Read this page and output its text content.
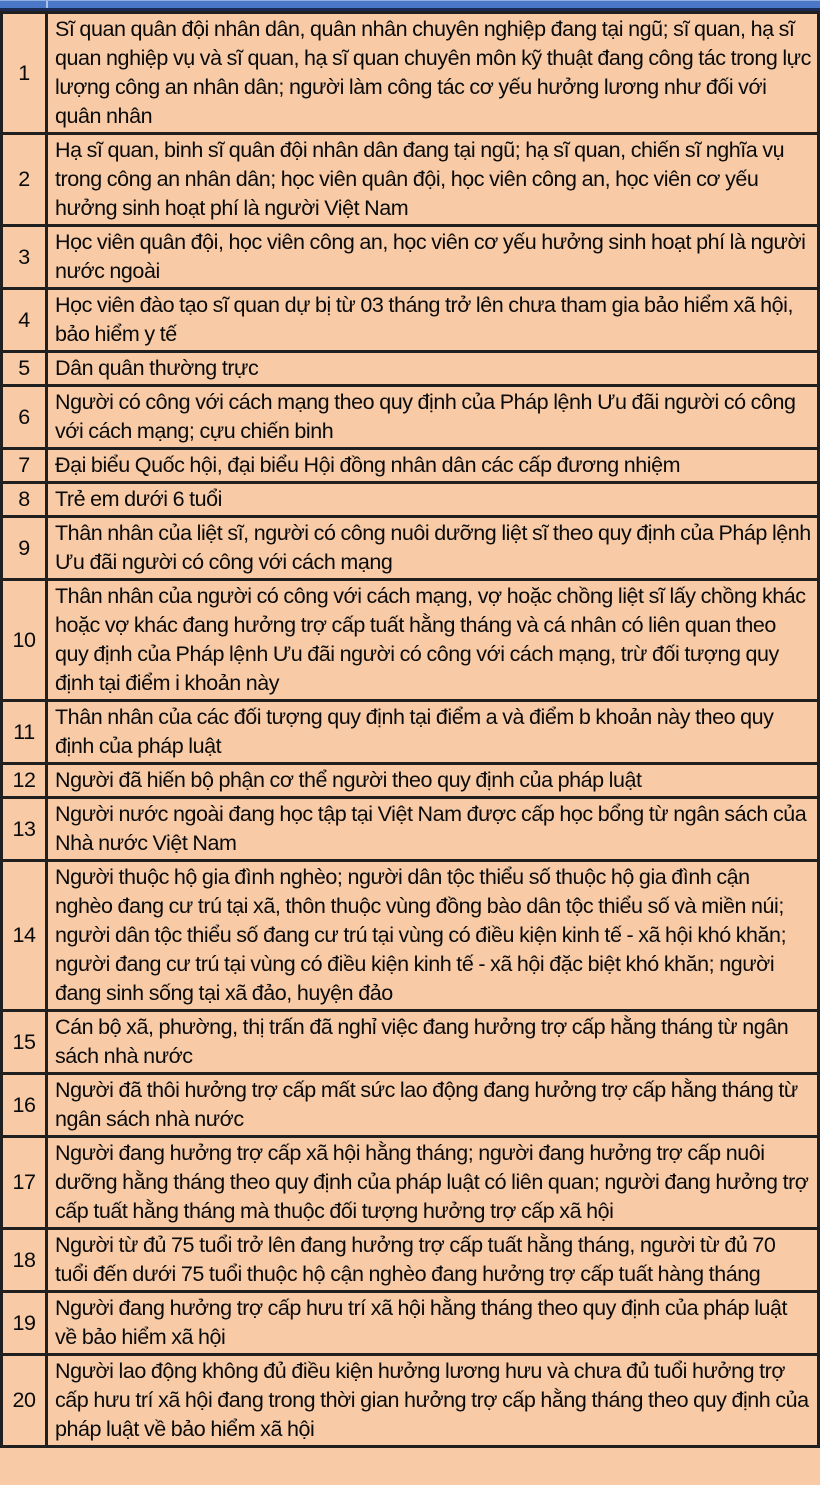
1	Sĩ quan quân đội nhân dân, quân nhân chuyên nghiệp đang tại ngũ; sĩ quan, hạ sĩ quan nghiệp vụ và sĩ quan, hạ sĩ quan chuyên môn kỹ thuật đang công tác trong lực lượng công an nhân dân; người làm công tác cơ yếu hưởng lương như đối với quân nhân
2	Hạ sĩ quan, binh sĩ quân đội nhân dân đang tại ngũ; hạ sĩ quan, chiến sĩ nghĩa vụ trong công an nhân dân; học viên quân đội, học viên công an, học viên cơ yếu hưởng sinh hoạt phí là người Việt Nam
3	Học viên quân đội, học viên công an, học viên cơ yếu hưởng sinh hoạt phí là người nước ngoài
4	Học viên đào tạo sĩ quan dự bị từ 03 tháng trở lên chưa tham gia bảo hiểm xã hội, bảo hiểm y tế
5	Dân quân thường trực
6	Người có công với cách mạng theo quy định của Pháp lệnh Ưu đãi người có công với cách mạng; cựu chiến binh
7	Đại biểu Quốc hội, đại biểu Hội đồng nhân dân các cấp đương nhiệm
8	Trẻ em dưới 6 tuổi
9	Thân nhân của liệt sĩ, người có công nuôi dưỡng liệt sĩ theo quy định của Pháp lệnh Ưu đãi người có công với cách mạng
10	Thân nhân của người có công với cách mạng, vợ hoặc chồng liệt sĩ lấy chồng khác hoặc vợ khác đang hưởng trợ cấp tuất hằng tháng và cá nhân có liên quan theo quy định của Pháp lệnh Ưu đãi người có công với cách mạng, trừ đối tượng quy định tại điểm i khoản này
11	Thân nhân của các đối tượng quy định tại điểm a và điểm b khoản này theo quy định của pháp luật
12	Người đã hiến bộ phận cơ thể người theo quy định của pháp luật
13	Người nước ngoài đang học tập tại Việt Nam được cấp học bổng từ ngân sách của Nhà nước Việt Nam
14	Người thuộc hộ gia đình nghèo; người dân tộc thiểu số thuộc hộ gia đình cận nghèo đang cư trú tại xã, thôn thuộc vùng đồng bào dân tộc thiểu số và miền núi; người dân tộc thiểu số đang cư trú tại vùng có điều kiện kinh tế - xã hội khó khăn; người đang cư trú tại vùng có điều kiện kinh tế - xã hội đặc biệt khó khăn; người đang sinh sống tại xã đảo, huyện đảo
15	Cán bộ xã, phường, thị trấn đã nghỉ việc đang hưởng trợ cấp hằng tháng từ ngân sách nhà nước
16	Người đã thôi hưởng trợ cấp mất sức lao động đang hưởng trợ cấp hằng tháng từ ngân sách nhà nước
17	Người đang hưởng trợ cấp xã hội hằng tháng; người đang hưởng trợ cấp nuôi dưỡng hằng tháng theo quy định của pháp luật có liên quan; người đang hưởng trợ cấp tuất hằng tháng mà thuộc đối tượng hưởng trợ cấp xã hội
18	Người từ đủ 75 tuổi trở lên đang hưởng trợ cấp tuất hằng tháng, người từ đủ 70 tuổi đến dưới 75 tuổi thuộc hộ cận nghèo đang hưởng trợ cấp tuất hàng tháng
19	Người đang hưởng trợ cấp hưu trí xã hội hằng tháng theo quy định của pháp luật về bảo hiểm xã hội
20	Người lao động không đủ điều kiện hưởng lương hưu và chưa đủ tuổi hưởng trợ cấp hưu trí xã hội đang trong thời gian hưởng trợ cấp hằng tháng theo quy định của pháp luật về bảo hiểm xã hội
